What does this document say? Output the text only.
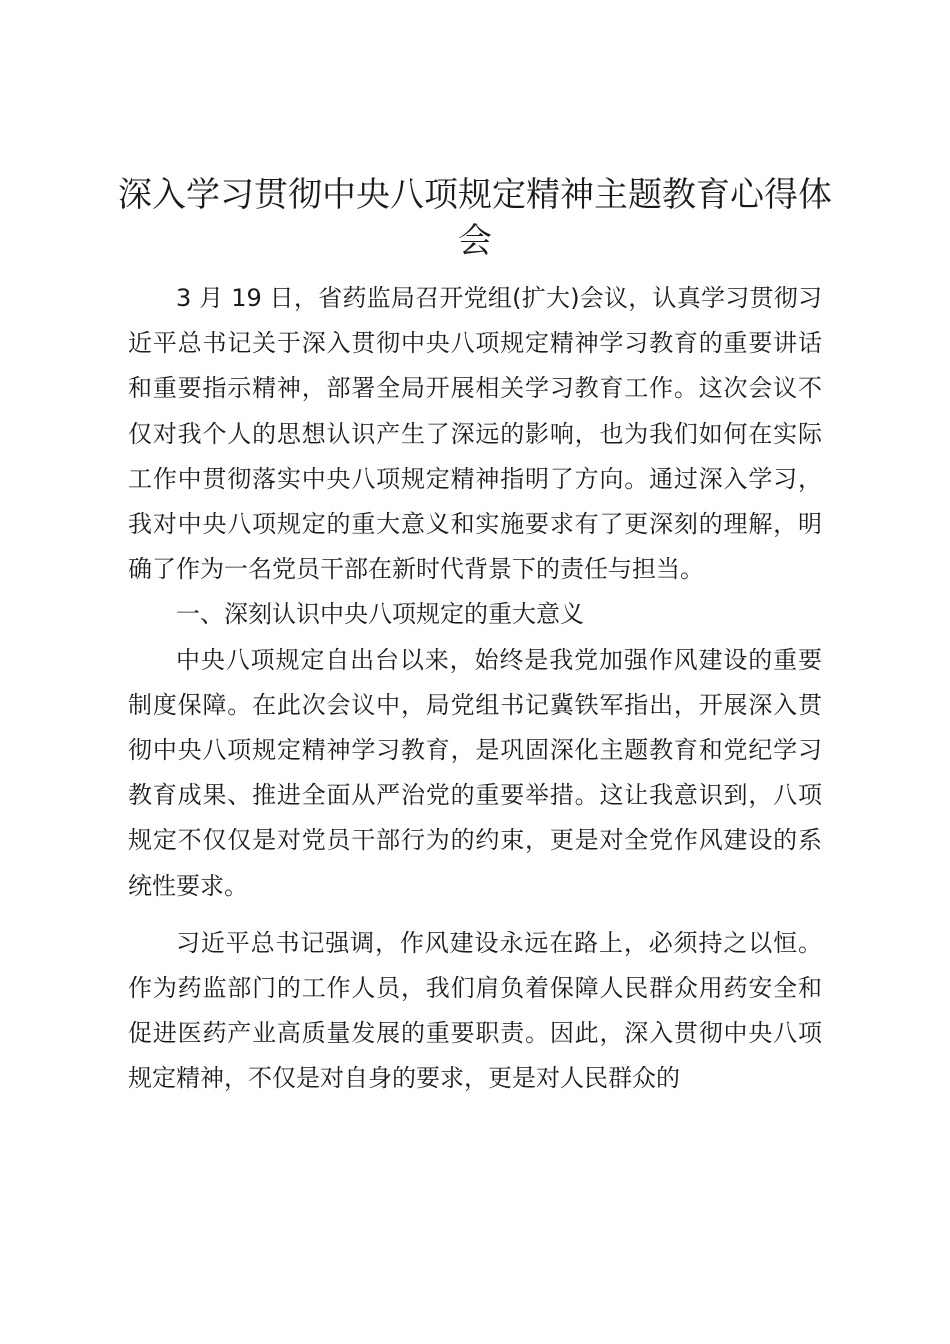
深入学习贯彻中央八项规定精神主题教育心得体会

3 月 19 日，省药监局召开党组(扩大)会议，认真学习贯彻习近平总书记关于深入贯彻中央八项规定精神学习教育的重要讲话和重要指示精神，部署全局开展相关学习教育工作。这次会议不仅对我个人的思想认识产生了深远的影响，也为我们如何在实际工作中贯彻落实中央八项规定精神指明了方向。通过深入学习，我对中央八项规定的重大意义和实施要求有了更深刻的理解，明确了作为一名党员干部在新时代背景下的责任与担当。

一、深刻认识中央八项规定的重大意义

中央八项规定自出台以来，始终是我党加强作风建设的重要制度保障。在此次会议中，局党组书记冀铁军指出，开展深入贯彻中央八项规定精神学习教育，是巩固深化主题教育和党纪学习教育成果、推进全面从严治党的重要举措。这让我意识到，八项规定不仅仅是对党员干部行为的约束，更是对全党作风建设的系统性要求。

习近平总书记强调，作风建设永远在路上，必须持之以恒。作为药监部门的工作人员，我们肩负着保障人民群众用药安全和促进医药产业高质量发展的重要职责。因此，深入贯彻中央八项规定精神，不仅是对自身的要求，更是对人民群众的
